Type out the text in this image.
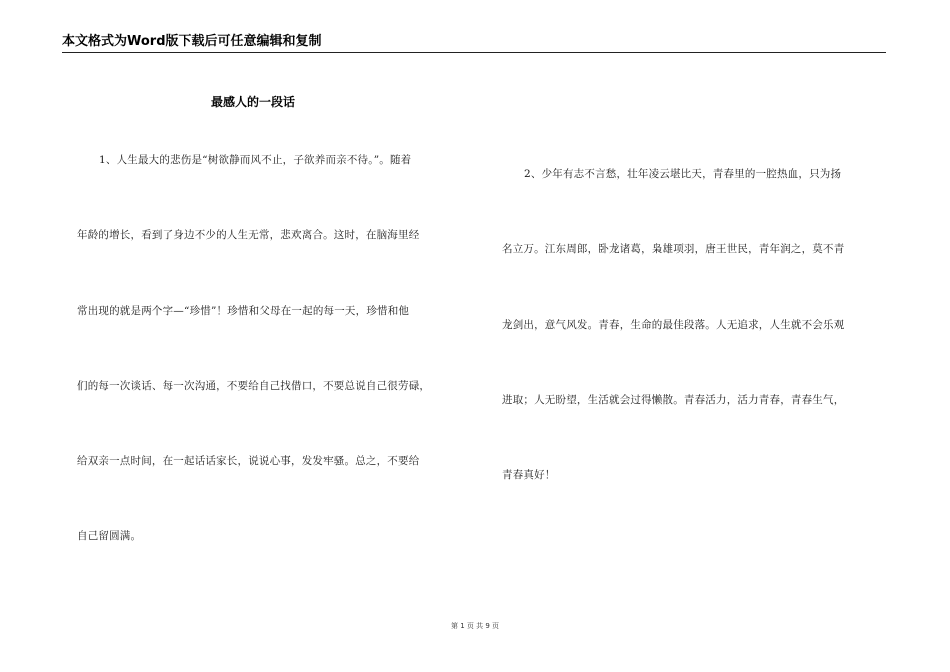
本文格式为Word版下载后可任意编辑和复制
最感人的一段话
1、人生最大的悲伤是“树欲静而风不止，子欲养而亲不待。”。随着
年龄的增长，看到了身边不少的人生无常，悲欢离合。这时，在脑海里经
常出现的就是两个字—“珍惜”！珍惜和父母在一起的每一天，珍惜和他
们的每一次谈话、每一次沟通，不要给自己找借口，不要总说自己很劳碌，
给双亲一点时间，在一起话话家长，说说心事，发发牢骚。总之，不要给
自己留圆满。
2、少年有志不言愁，壮年凌云堪比天，青春里的一腔热血，只为扬
名立万。江东周郎，卧龙诸葛，枭雄项羽，唐王世民，青年润之，莫不青
龙剑出，意气风发。青春，生命的最佳段落。人无追求，人生就不会乐观
进取；人无盼望，生活就会过得懒散。青春活力，活力青春，青春生气，
青春真好！
第 1 页 共 9 页
